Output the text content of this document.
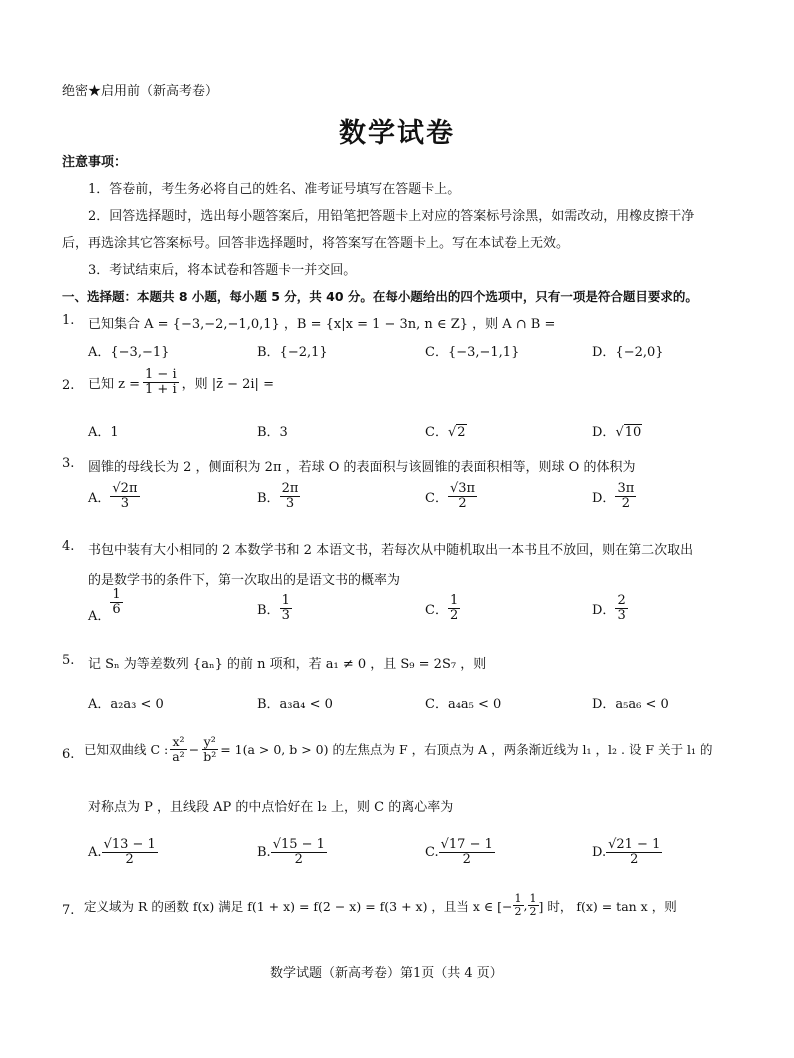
绝密★启用前（新高考卷）
数学试卷
注意事项：
1．答卷前，考生务必将自己的姓名、准考证号填写在答题卡上。
2．回答选择题时，选出每小题答案后，用铅笔把答题卡上对应的答案标号涂黑，如需改动，用橡皮擦干净
后，再选涂其它答案标号。回答非选择题时，将答案写在答题卡上。写在本试卷上无效。
3．考试结束后，将本试卷和答题卡一并交回。
一、选择题：本题共 8 小题，每小题 5 分，共 40 分。在每小题给出的四个选项中，只有一项是符合题目要求的。
1. 已知集合 A = {−3,−2,−1,0,1} ，B = {x|x = 1 − 3n, n ∈ Z} ，则 A ∩ B =
A．{−3,−1}	B．{−2,1}	C．{−3,−1,1}	D．{−2,0}
2. 已知 $z = \frac{1 - i}{1 + i}$ ，则 |z̄ − 2i| =
A．1	B．3	C．√2	D．√10
3. 圆锥的母线长为 2 ，侧面积为 2π ，若球 O 的表面积与该圆锥的表面积相等，则球 O 的体积为
A． $\frac{√2\pi}{3}$	B． $\frac{2\pi}{3}$	C． $\frac{√3\pi}{2}$	D． $\frac{3\pi}{2}$
4. 书包中装有大小相同的 2 本数学书和 2 本语文书，若每次从中随机取出一本书且不放回，则在第二次取出
的是数学书的条件下，第一次取出的是语文书的概率为
A． $\frac{1}{6}$	B． $\frac{1}{3}$	C． $\frac{1}{2}$	D． $\frac{2}{3}$
5. 记 Sₙ 为等差数列 {aₙ} 的前 n 项和，若 a₁ ≠ 0 ，且 S₉ = 2S₇ ，则
A．a₂a₃ < 0	B．a₃a₄ < 0	C．a₄a₅ < 0	D．a₅a₆ < 0
6. 已知双曲线 C : $\frac{\text{x²}}{\text{a²}} - \frac{\text{y²}}{\text{b²}} = 1(a > 0$, b > 0) 的左焦点为 F ，右顶点为 A ，两条渐近线为 l₁ ，l₂ . 设 F 关于 l₁ 的
对称点为 P ，且线段 AP 的中点恰好在 l₂ 上，则 C 的离心率为
A. $\frac{√13 - 1}{2}$	B. $\frac{√15 - 1}{2}$	C. $\frac{√17 - 1}{2}$	D. $\frac{√21 - 1}{2}$
7. 定义域为 R 的函数 f(x) 满足 f(1 + x) = f(2 − x) = f(3 + x) ，且当 x ∈ [− $\frac{1}{2}$ , $\frac{1}{2}$ ] 时， f(x) = tan x ，则
数学试题（新高考卷）第1页（共 4 页）
